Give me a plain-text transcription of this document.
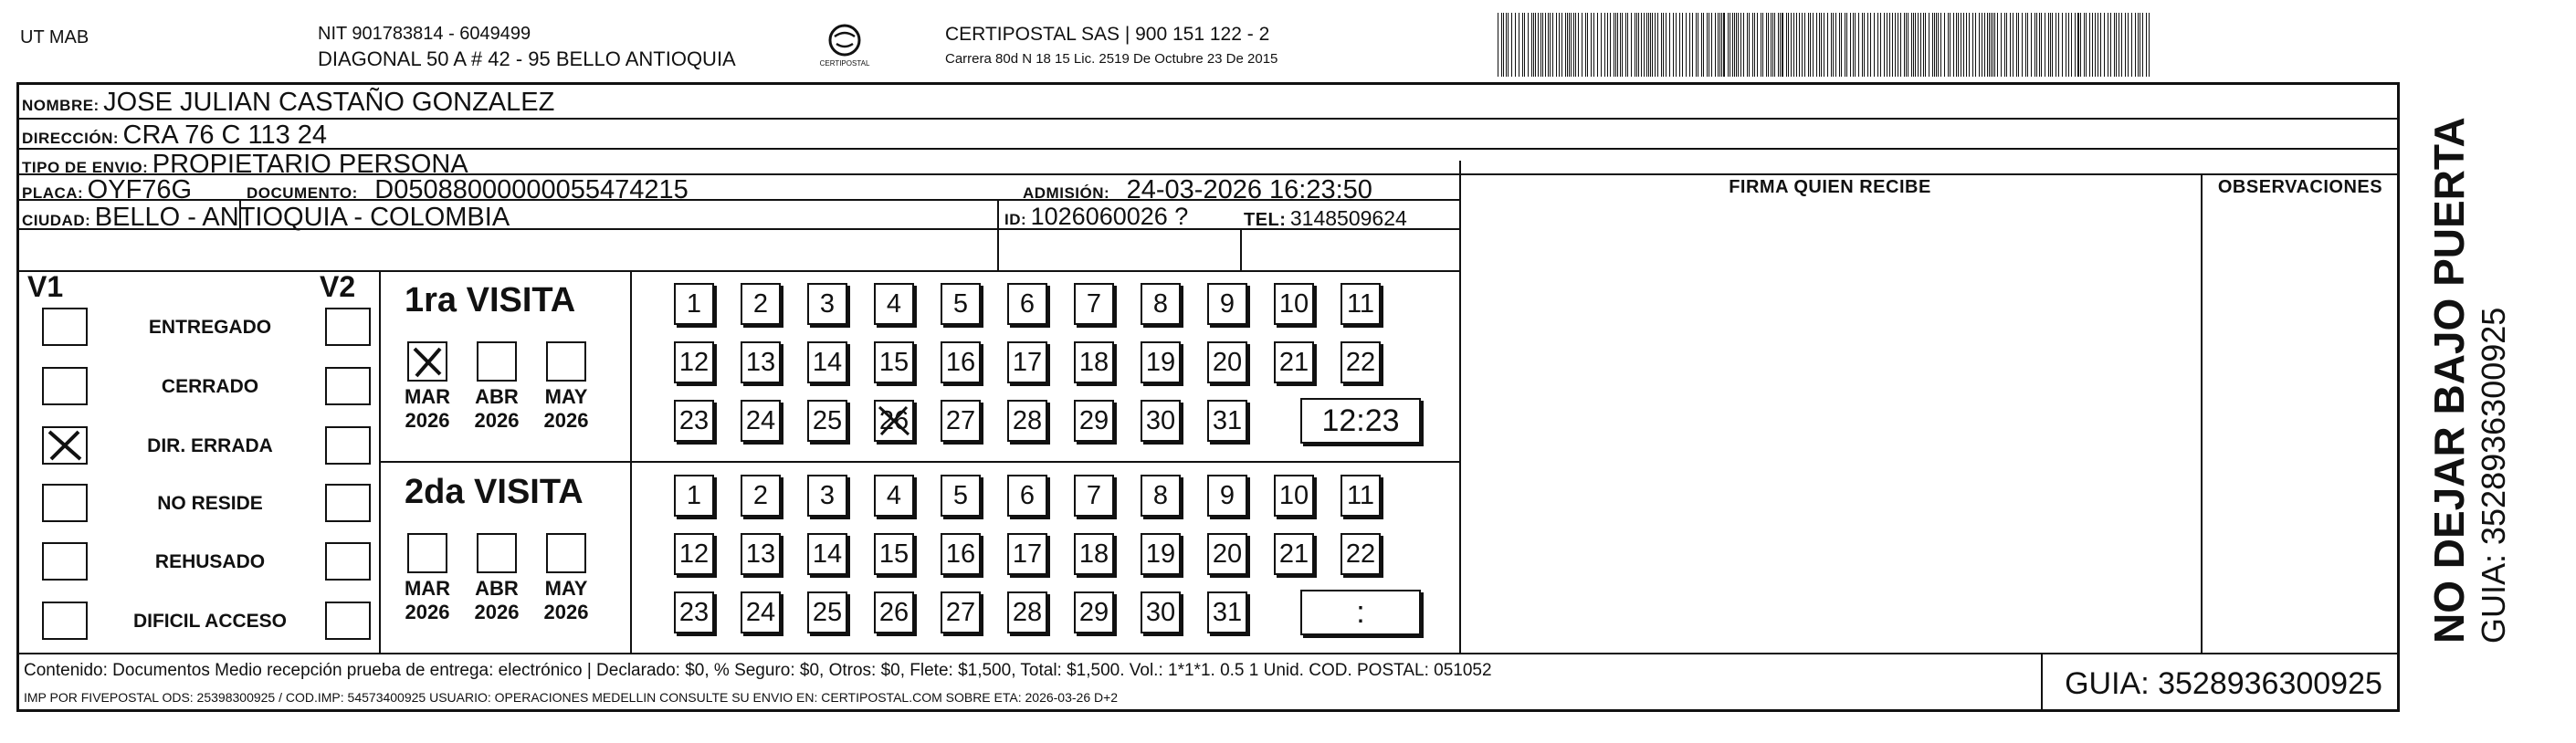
UT MAB	NIT 901783814 - 6049499
DIAGONAL 50 A # 42 - 95 BELLO ANTIOQUIA	CERTIPOSTAL
CERTIPOSTAL SAS | 900 151 122 - 2
Carrera 80d N 18 15 Lic. 2519 De Octubre 23 De 2015
NOMBRE: JOSE JULIAN CASTAÑO GONZALEZ
DIRECCIÓN: CRA 76 C 113 24
TIPO DE ENVIO: PROPIETARIO PERSONA
PLACA: OYF76G	DOCUMENTO: D05088000000055474215	ADMISIÓN: 24-03-2026 16:23:50
CIUDAD: BELLO - ANTIOQUIA - COLOMBIA	ID: 1026060026 ?	TEL: 3148509624
FIRMA QUIEN RECIBE	OBSERVACIONES
V1	V2
ENTREGADO
CERRADO
DIR. ERRADA
NO RESIDE
REHUSADO
DIFICIL ACCESO
1ra VISITA
MAR
2026
ABR
2026
MAY
2026
1	2	3	4	5	6	7	8	9	10 11
12 13 14 15 16 17 18 19 20 21 22
23 24 25 26 27 28 29 30 31	12:23
2da VISITA
MAR
2026
ABR
2026
MAY
2026
1	2	3	4	5	6	7	8	9	10 11
12 13 14 15 16 17 18 19 20 21 22
23 24 25 26 27 28 29 30 31	:
Contenido: Documentos Medio recepción prueba de entrega: electrónico | Declarado: $0, % Seguro: $0, Otros: $0, Flete: $1,500, Total: $1,500. Vol.: 1*1*1. 0.5 1 Unid. COD. POSTAL: 051052
IMP POR FIVEPOSTAL ODS: 25398300925 / COD.IMP: 54573400925 USUARIO: OPERACIONES MEDELLIN CONSULTE SU ENVIO EN: CERTIPOSTAL.COM SOBRE ETA: 2026-03-26 D+2	GUIA: 3528936300925
NO DEJAR BAJO PUERTA GUIA: 3528936300925
